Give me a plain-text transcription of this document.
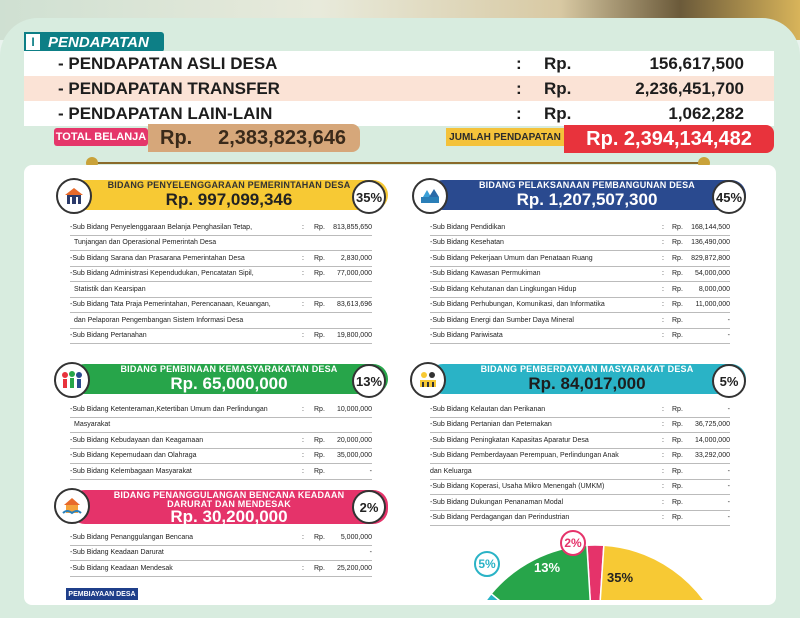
I PENDAPATAN
- PENDAPATAN ASLI DESA	: Rp.	156,617,500
- PENDAPATAN TRANSFER	: Rp.	2,236,451,700
- PENDAPATAN LAIN-LAIN	: Rp.	1,062,282
TOTAL BELANJA Rp. 2,383,823,646	JUMLAH PENDAPATAN	Rp. 2,394,134,482
BIDANG PENYELENGGARAAN PEMERINTAHAN DESA
Rp. 997,099,346	35%
-Sub Bidang Penyelenggaraan Belanja Penghasilan Tetap,	: Rp. 813,855,650
Tunjangan dan Operasional Pemerintah Desa
-Sub Bidang Sarana dan Prasarana Pemerintahan Desa	: Rp. 2,830,000
-Sub Bidang Administrasi Kependudukan, Pencatatan Sipil,	: Rp. 77,000,000
Statistik dan Kearsipan
-Sub Bidang Tata Praja Pemerintahan, Perencanaan, Keuangan,	: Rp. 83,613,696
dan Pelaporan Pengembangan Sistem Informasi Desa
-Sub Bidang Pertanahan	: Rp. 19,800,000
BIDANG PELAKSANAAN PEMBANGUNAN DESA
Rp. 1,207,507,300	45%
-Sub Bidang Pendidikan	: Rp. 168,144,500
-Sub Bidang Kesehatan	: Rp. 136,490,000
-Sub Bidang Pekerjaan Umum dan Penataan Ruang	: Rp. 829,872,800
-Sub Bidang Kawasan Permukiman	: Rp. 54,000,000
-Sub Bidang Kehutanan dan Lingkungan Hidup	: Rp. 8,000,000
-Sub Bidang Perhubungan, Komunikasi, dan Informatika	: Rp. 11,000,000
-Sub Bidang Energi dan Sumber Daya Mineral	: Rp.	-
-Sub Bidang Pariwisata	: Rp.	-
BIDANG PEMBINAAN KEMASYARAKATAN DESA
Rp. 65,000,000	13%
-Sub Bidang Ketenteraman,Ketertiban Umum dan Perlindungan	: Rp. 10,000,000
Masyarakat
-Sub Bidang Kebudayaan dan Keagamaan	: Rp. 20,000,000
-Sub Bidang Kepemudaan dan Olahraga	: Rp. 35,000,000
-Sub Bidang Kelembagaan Masyarakat	: Rp.	-
BIDANG PEMBERDAYAAN MASYARAKAT DESA
Rp. 84,017,000	5%
-Sub Bidang Kelautan dan Perikanan	: Rp.	-
-Sub Bidang Pertanian dan Peternakan	: Rp. 36,725,000
-Sub Bidang Peningkatan Kapasitas Aparatur Desa	: Rp. 14,000,000
-Sub Bidang Pemberdayaan Perempuan, Perlindungan Anak	: Rp. 33,292,000
dan Keluarga	: Rp.	-
-Sub Bidang Koperasi, Usaha Mikro Menengah (UMKM)	: Rp.	-
-Sub Bidang Dukungan Penanaman Modal	: Rp.	-
-Sub Bidang Perdagangan dan Perindustrian	: Rp.	-
BIDANG PENANGGULANGAN BENCANA KEADAAN
DARURAT DAN MENDESAK
Rp. 30,200,000	2%
-Sub Bidang Penanggulangan Bencana	: Rp. 5,000,000
-Sub Bidang Keadaan Darurat	-
-Sub Bidang Keadaan Mendesak	: Rp. 25,200,000
PEMBIAYAAN DESA
35%
13%
5%
2%
